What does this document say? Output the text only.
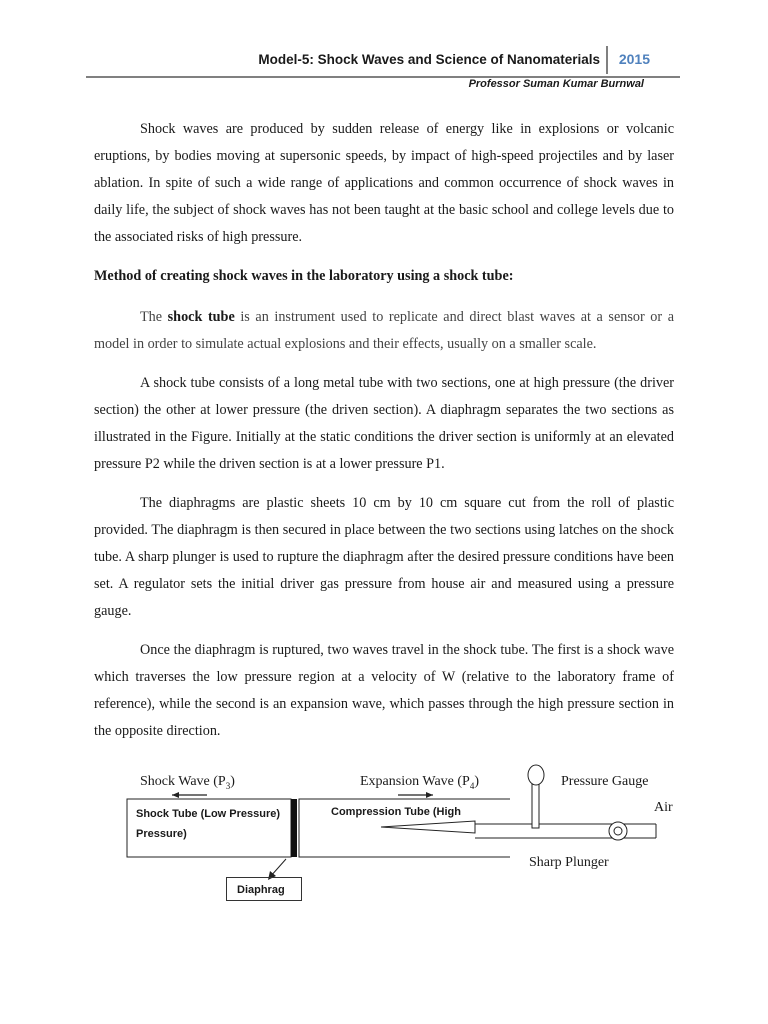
Model-5: Shock Waves and Science of Nanomaterials 2015
Professor Suman Kumar Burnwal

Shock waves are produced by sudden release of energy like in explosions or volcanic eruptions, by bodies moving at supersonic speeds, by impact of high-speed projectiles and by laser ablation. In spite of such a wide range of applications and common occurrence of shock waves in daily life, the subject of shock waves has not been taught at the basic school and college levels due to the associated risks of high pressure.

Method of creating shock waves in the laboratory using a shock tube:

The shock tube is an instrument used to replicate and direct blast waves at a sensor or a model in order to simulate actual explosions and their effects, usually on a smaller scale.

A shock tube consists of a long metal tube with two sections, one at high pressure (the driver section) the other at lower pressure (the driven section). A diaphragm separates the two sections as illustrated in the Figure. Initially at the static conditions the driver section is uniformly at an elevated pressure P2 while the driven section is at a lower pressure P1.

The diaphragms are plastic sheets 10 cm by 10 cm square cut from the roll of plastic provided. The diaphragm is then secured in place between the two sections using latches on the shock tube. A sharp plunger is used to rupture the diaphragm after the desired pressure conditions have been set. A regulator sets the initial driver gas pressure from house air and measured using a pressure gauge.

Once the diaphragm is ruptured, two waves travel in the shock tube. The first is a shock wave which traverses the low pressure region at a velocity of W (relative to the laboratory frame of reference), while the second is an expansion wave, which passes through the high pressure section in the opposite direction.

Shock Wave $(P_3)$	Expansion Wave $(P_4)$	Pressure Gauge
Air
Shock Tube (Low Pressure)
Pressure)
Compression Tube (High
Sharp Plunger
Diaphrag
